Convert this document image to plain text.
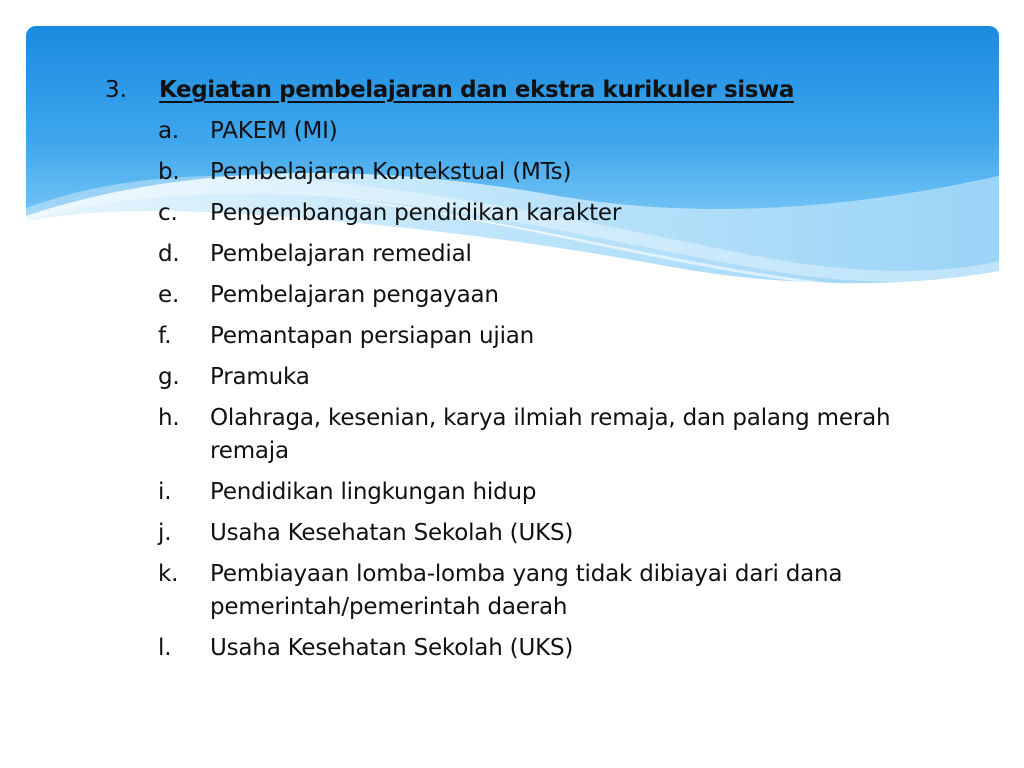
3. Kegiatan pembelajaran dan ekstra kurikuler siswa
a. PAKEM (MI)
b. Pembelajaran Kontekstual (MTs)
c. Pengembangan pendidikan karakter
d. Pembelajaran remedial
e. Pembelajaran pengayaan
f. Pemantapan persiapan ujian
g. Pramuka
h. Olahraga, kesenian, karya ilmiah remaja, dan palang merah remaja
i. Pendidikan lingkungan hidup
j. Usaha Kesehatan Sekolah (UKS)
k. Pembiayaan lomba-lomba yang tidak dibiayai dari dana pemerintah/pemerintah daerah
l. Usaha Kesehatan Sekolah (UKS)
